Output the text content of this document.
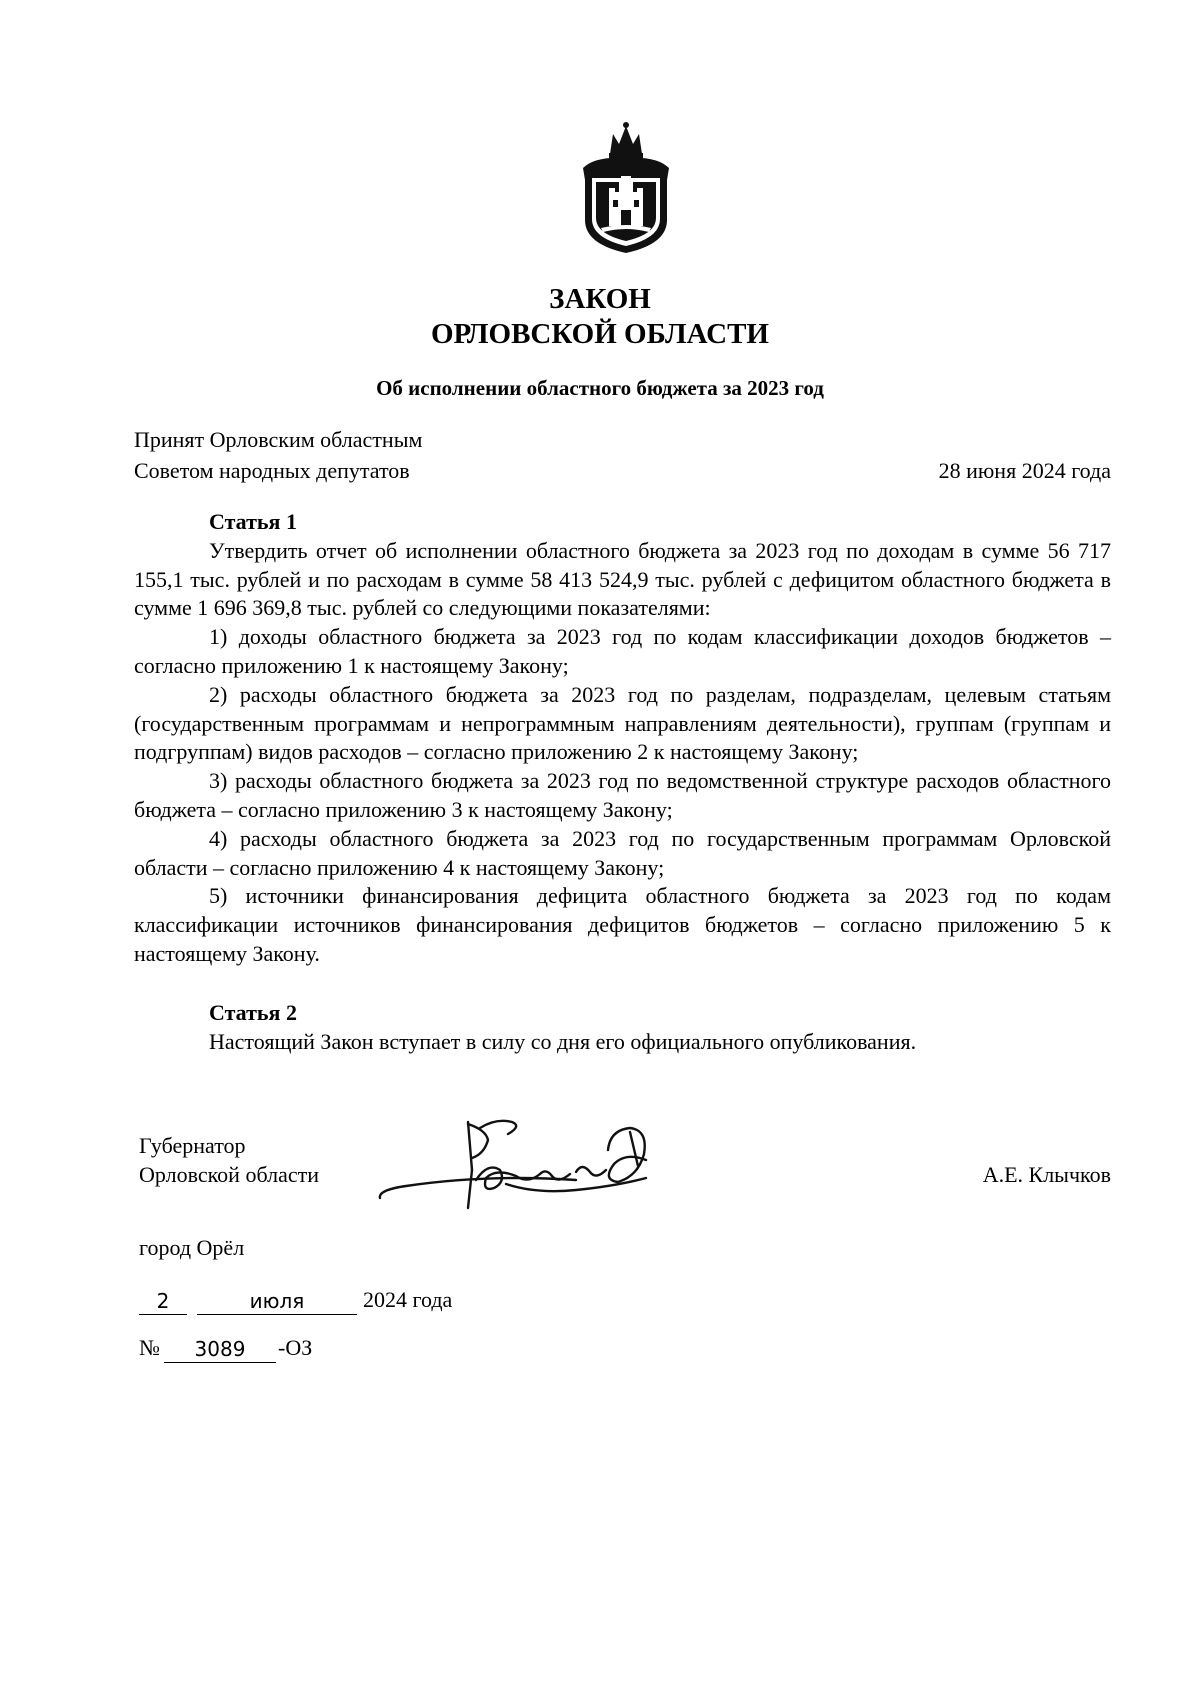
ЗАКОН
ОРЛОВСКОЙ ОБЛАСТИ
Об исполнении областного бюджета за 2023 год
Принят Орловским областным
Советом народных депутатов	28 июня 2024 года
Статья 1

Утвердить отчет об исполнении областного бюджета за 2023 год по доходам в сумме 56 717 155,1 тыс. рублей и по расходам в сумме 58 413 524,9 тыс. рублей с дефицитом областного бюджета в сумме 1 696 369,8 тыс. рублей со следующими показателями:

1) доходы областного бюджета за 2023 год по кодам классификации доходов бюджетов – согласно приложению 1 к настоящему Закону;

2) расходы областного бюджета за 2023 год по разделам, подразделам, целевым статьям (государственным программам и непрограммным направлениям деятельности), группам (группам и подгруппам) видов расходов – согласно приложению 2 к настоящему Закону;

3) расходы областного бюджета за 2023 год по ведомственной структуре расходов областного бюджета – согласно приложению 3 к настоящему Закону;

4) расходы областного бюджета за 2023 год по государственным программам Орловской области – согласно приложению 4 к настоящему Закону;

5) источники финансирования дефицита областного бюджета за 2023 год по кодам классификации источников финансирования дефицитов бюджетов – согласно приложению 5 к настоящему Закону.

Статья 2

Настоящий Закон вступает в силу со дня его официального опубликования.

Губернатор
Орловской области	А.Е. Клычков
город Орёл
2	июля	2024 года
№ 3089 -ОЗ
